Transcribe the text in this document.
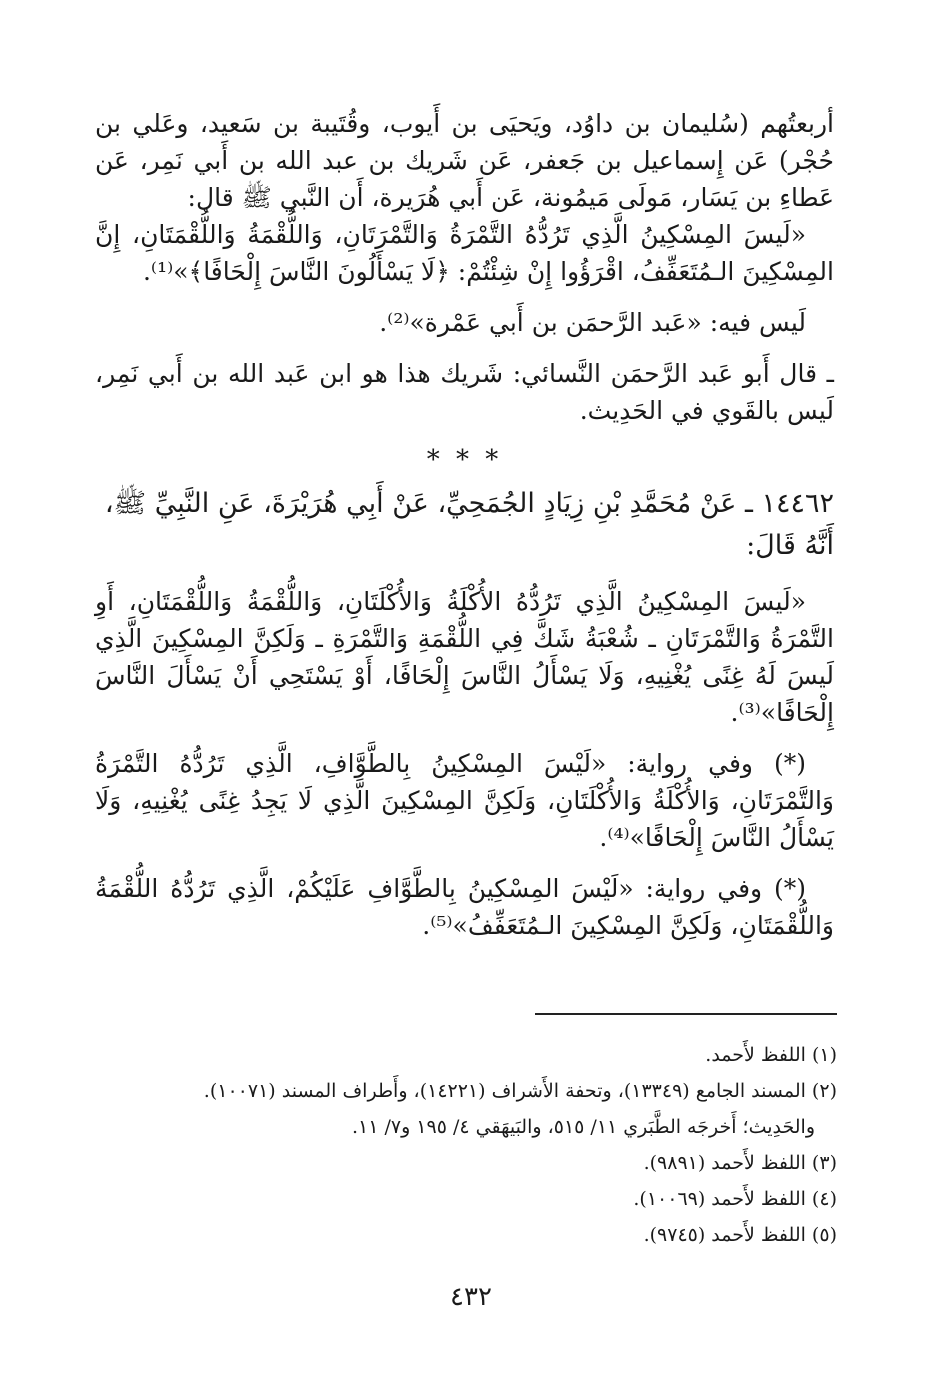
أربعتُهم (سُليمان بن داوُد، ويَحيَى بن أَيوب، وقُتَيبة بن سَعيد، وعَلي بن حُجْر) عَن إِسماعيل بن جَعفر، عَن شَريك بن عبد الله بن أَبي نَمِر، عَن عَطاءِ بن يَسَار، مَولَى مَيمُونة، عَن أَبي هُرَيرة، أَن النَّبي ﷺ قال:

«لَيسَ المِسْكِينُ الَّذِي تَرُدُّهُ التَّمْرَةُ وَالتَّمْرَتَانِ، وَاللُّقْمَةُ وَاللُّقْمَتَانِ، إِنَّ المِسْكِينَ الـمُتَعَفِّفُ، اقْرَؤُوا إِنْ شِئْتُمْ: ﴿لَا يَسْأَلُونَ النَّاسَ إِلْحَافًا﴾»⁽¹⁾.

لَيس فيه: «عَبد الرَّحمَن بن أَبي عَمْرة»⁽²⁾.

ـ قال أَبو عَبد الرَّحمَن النَّسائي: شَريك هذا هو ابن عَبد الله بن أَبي نَمِر، لَيس بالقَوي في الحَدِيث.

* * *

١٤٤٦٢ ـ عَنْ مُحَمَّدِ بْنِ زِيَادٍ الجُمَحِيِّ، عَنْ أَبِي هُرَيْرَةَ، عَنِ النَّبِيِّ ﷺ، أَنَّهُ قَالَ:

«لَيسَ المِسْكِينُ الَّذِي تَرُدُّهُ الأُكْلَةُ وَالأُكْلَتَانِ، وَاللُّقْمَةُ وَاللُّقْمَتَانِ، أَوِ التَّمْرَةُ وَالتَّمْرَتَانِ ـ شُعْبَةُ شَكَّ فِي اللُّقْمَةِ وَالتَّمْرَةِ ـ وَلَكِنَّ المِسْكِينَ الَّذِي لَيسَ لَهُ غِنًى يُغْنِيهِ، وَلَا يَسْأَلُ النَّاسَ إِلْحَافًا، أَوْ يَسْتَحِي أَنْ يَسْأَلَ النَّاسَ إِلْحَافًا»⁽³⁾.

(*) وفي رواية: «لَيْسَ المِسْكِينُ بِالطَّوَّافِ، الَّذِي تَرُدُّهُ التَّمْرَةُ وَالتَّمْرَتَانِ، وَالأُكْلَةُ وَالأُكْلَتَانِ، وَلَكِنَّ المِسْكِينَ الَّذِي لَا يَجِدُ غِنًى يُغْنِيهِ، وَلَا يَسْأَلُ النَّاسَ إِلْحَافًا»⁽⁴⁾.

(*) وفي رواية: «لَيْسَ المِسْكِينُ بِالطَّوَّافِ عَلَيْكُمْ، الَّذِي تَرُدُّهُ اللُّقْمَةُ وَاللُّقْمَتَانِ، وَلَكِنَّ المِسْكِينَ الـمُتَعَفِّفُ»⁽⁵⁾.

(١) اللفظ لأَحمد.

(٢) المسند الجامع (١٣٣٤٩)، وتحفة الأَشراف (١٤٢٢١)، وأَطراف المسند (١٠٠٧١).

والحَدِيث؛ أَخرجَه الطَّبَري ١١/ ٥١٥، والبَيهَقي ٤/ ١٩٥ و٧/ ١١.

(٣) اللفظ لأَحمد (٩٨٩١).

(٤) اللفظ لأَحمد (١٠٠٦٩).

(٥) اللفظ لأَحمد (٩٧٤٥).

٤٣٢
